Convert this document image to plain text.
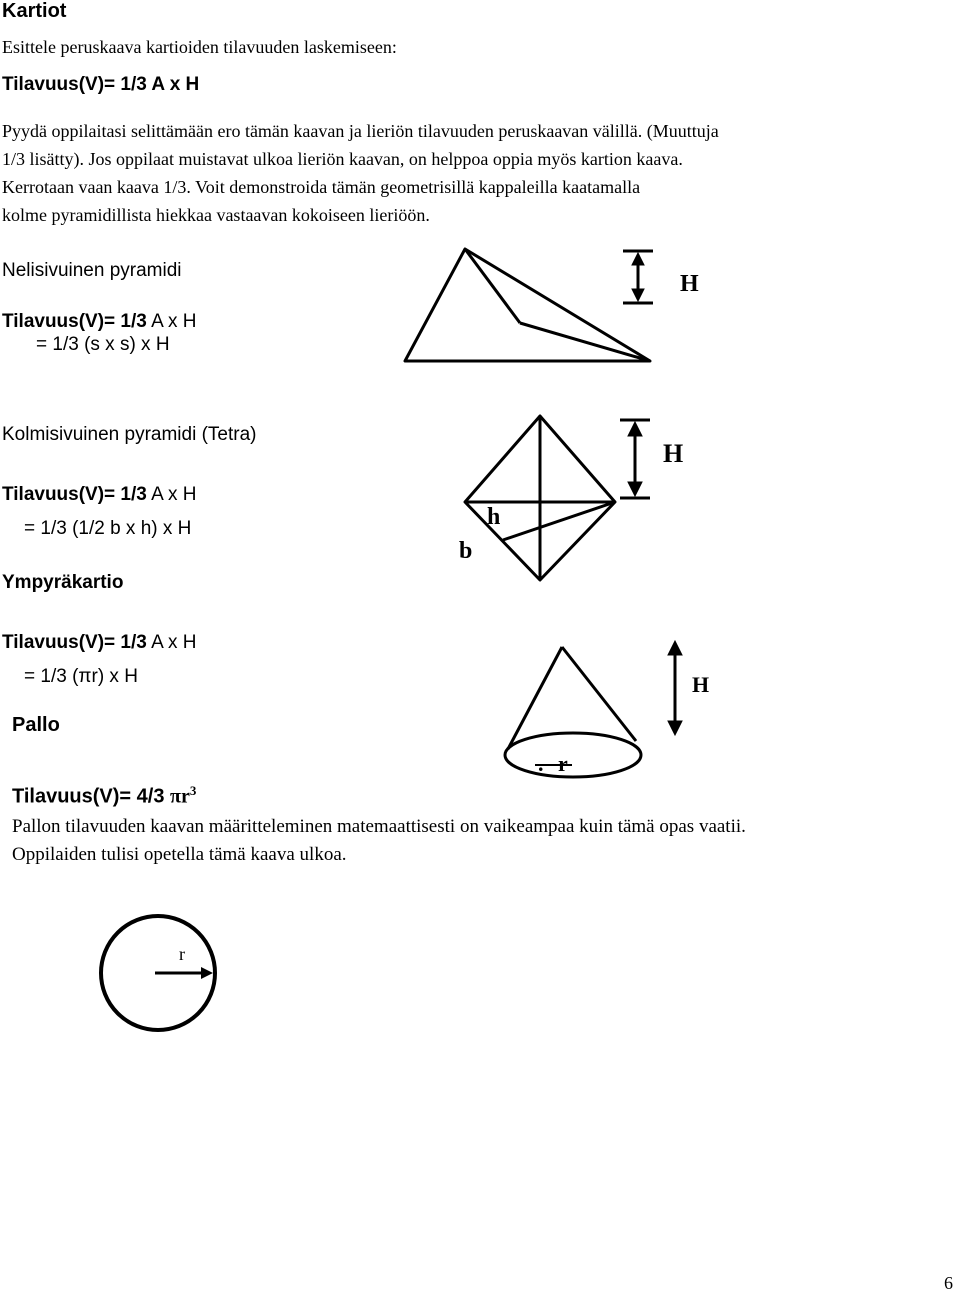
Kartiot

Esittele peruskaava kartioiden tilavuuden laskemiseen:

Tilavuus(V)= 1/3 A x H

Pyydä oppilaitasi selittämään ero tämän kaavan ja lieriön tilavuuden peruskaavan välillä. (Muuttuja
1/3 lisätty). Jos oppilaat muistavat ulkoa lieriön kaavan, on helppoa oppia myös kartion kaava.
Kerrotaan vaan kaava 1/3. Voit demonstroida tämän geometrisillä kappaleilla kaatamalla
kolme pyramidillista hiekkaa vastaavan kokoiseen lieriöön.

Nelisivuinen pyramidi

Tilavuus(V)= 1/3 A x H

= 1/3 (s x s) x H

H

Kolmisivuinen pyramidi (Tetra)

Tilavuus(V)= 1/3 A x H

= 1/3 (1/2 b x h) x H

H
h
b

Ympyräkartio

Tilavuus(V)= 1/3 A x H

= 1/3 (πr) x H	H
. r

Pallo

Tilavuus(V)= 4/3 $\pi r^3$

Pallon tilavuuden kaavan määritteleminen matemaattisesti on vaikeampaa kuin tämä opas vaatii.
Oppilaiden tulisi opetella tämä kaava ulkoa.
r

6
